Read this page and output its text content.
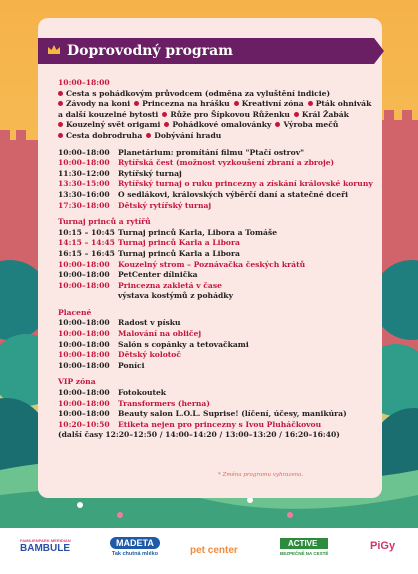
Doprovodný program
10:00–18:00
Cesta s pohádkovým průvodcem (odměna za vyluštění indicie)
Závody na koni Princezna na hrášku Kreativní zóna Pták ohnivák
a další kouzelné bytosti Růže pro Šípkovou Růženku Král Žabák
Kouzelný svět origami Pohádkové omalovánky Výroba mečů
Cesta dobrodruha Dobývání hradu
10:00–18:00	Planetárium: promítání filmu "Ptačí ostrov"
10:00–18:00	Rytířská čest (možnost vyzkoušení zbraní a zbroje)
11:30–12:00	Rytířský turnaj
13:30–15:00	Rytířský turnaj o ruku princezny a získání královské koruny
13:30–16:00	O sedlákovi, královských výběrčí daní a statečné dceři
17:30–18:00	Dětský rytířský turnaj
Turnaj princů a rytířů
10:15 – 10:45 Turnaj princů Karla, Libora a Tomáše
14:15 – 14:45 Turnaj princů Karla a Libora
16:15 – 16:45 Turnaj princů Karla a Libora
10:00–18:00	Kouzelný strom – Poznávačka českých krátů
10:00–18:00	PetCenter dílnička
10:00–18:00	Princezna zakletá v čase
výstava kostýmů z pohádky
Placené
10:00–18:00	Radost v písku
10:00–18:00	Malování na obličej
10:00–18:00	Salón s copánky a tetovačkami
10:00–18:00	Dětský kolotoč
10:00–18:00	Poníci
VIP zóna
10:00–18:00	Fotokoutek
10:00–18:00	Transformers (herna)
10:00–18:00	Beauty salon L.O.L. Suprise! (líčení, účesy, manikúra)
10:20–10:50	Etiketa nejen pro princezny s Ivou Pluháčkovou
(další časy 12:20–12:50 / 14:00–14:20 / 13:00–13:20 / 16:20–16:40)
* Změna programu vyhrazena.
FAMILIENPARK MERIDIAN
BAMBULE	MADETA
Tak chutná mléko	pet center
ACTIVE
BEZPEČNĚ NA CESTĚ
PiGy
